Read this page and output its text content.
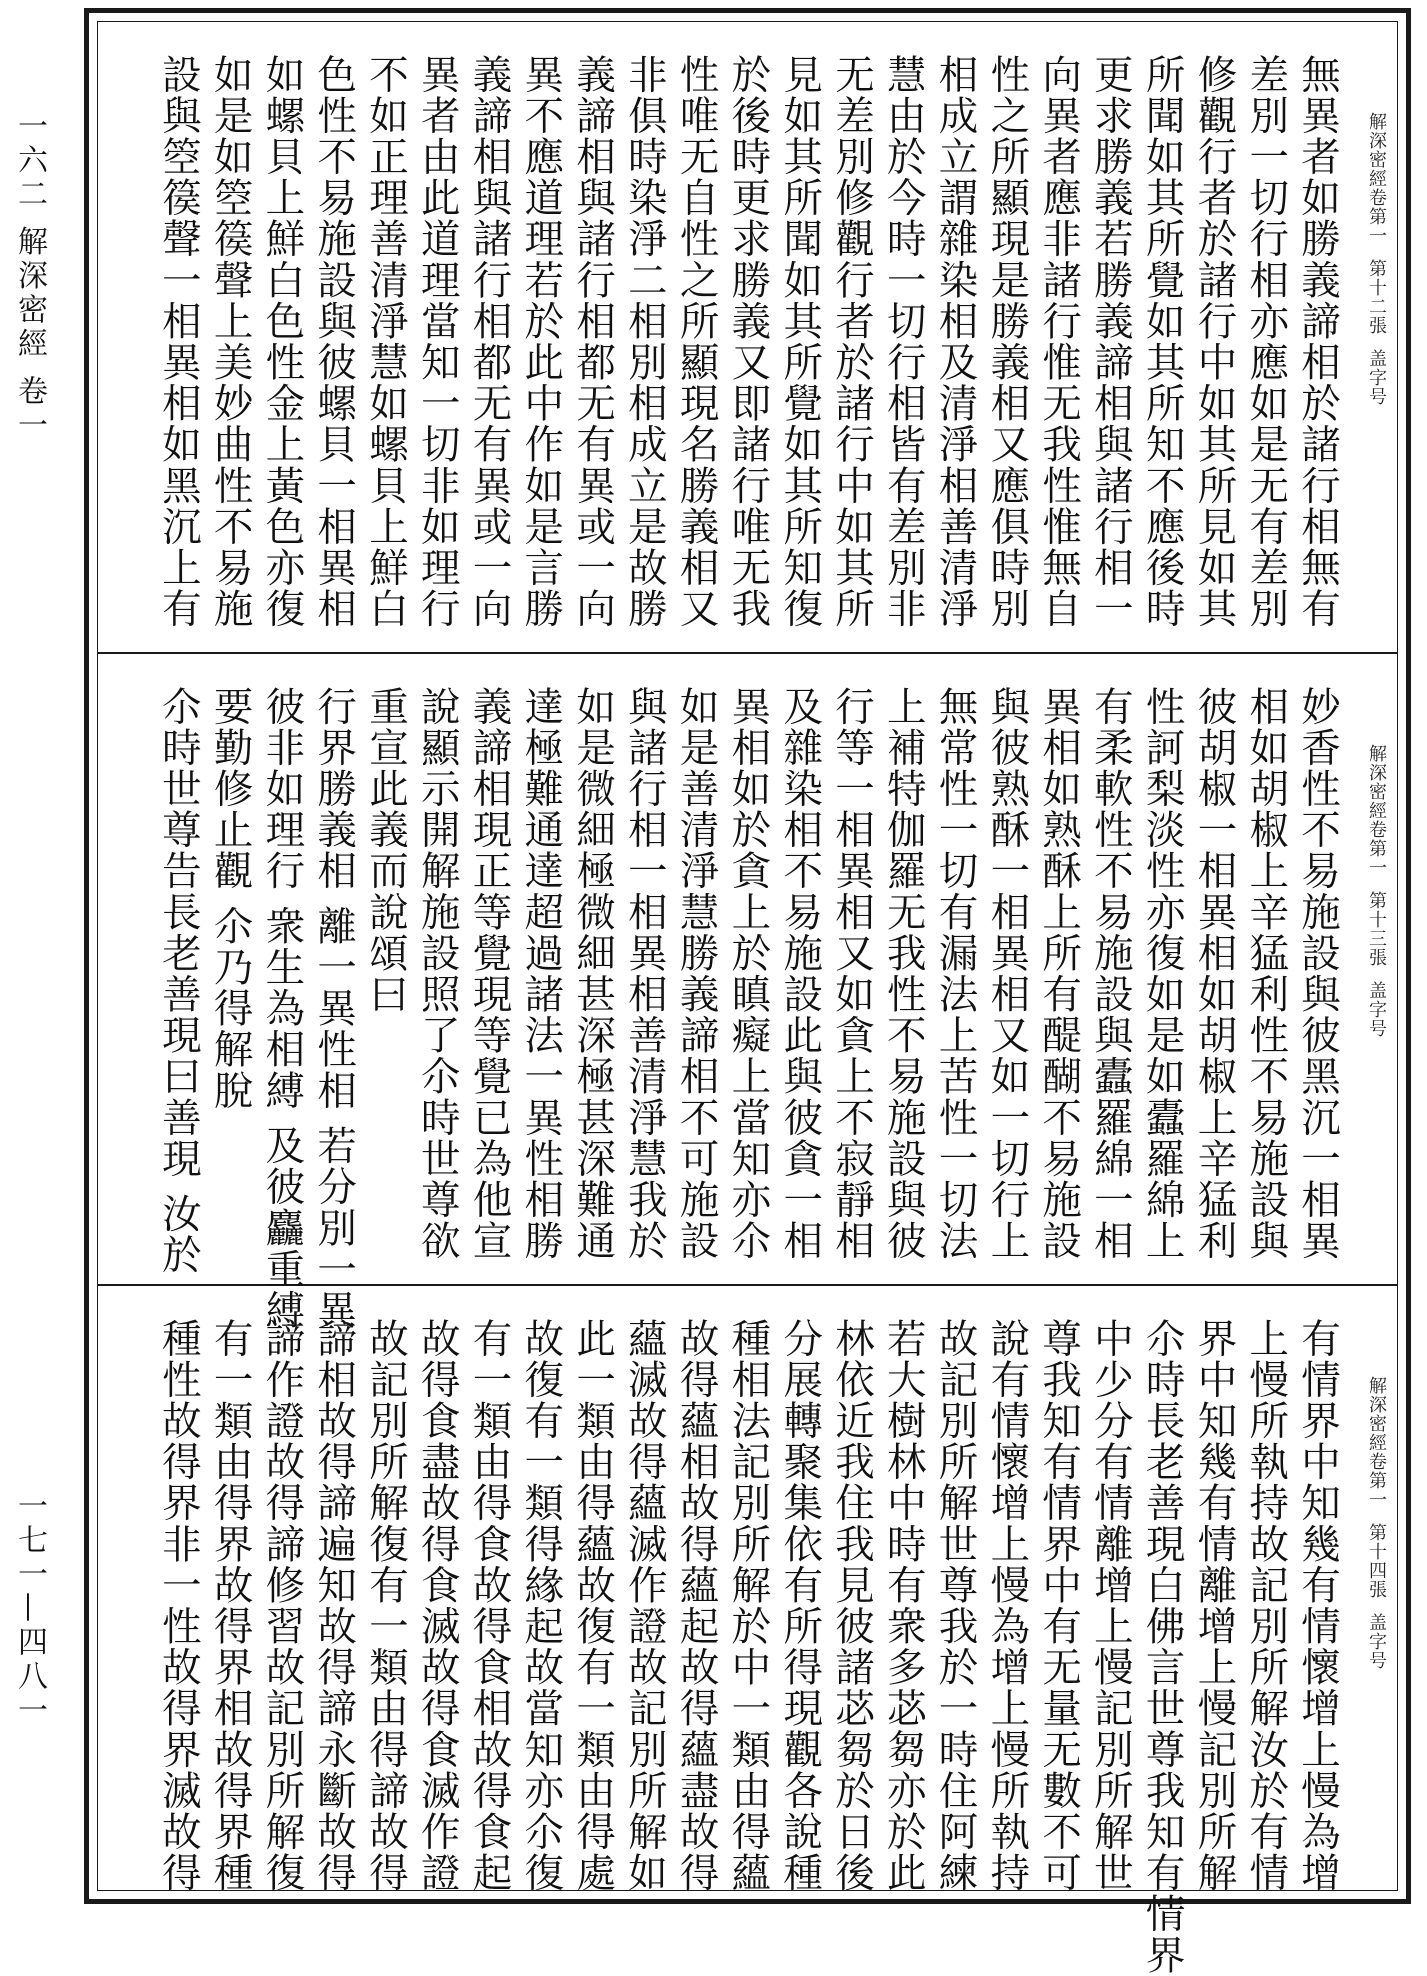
一六二 解深密經 卷一
一七一—四八一
解深密經卷第一第十二張盖字号
無異者如勝義諦相於諸行相無有
差別一切行相亦應如是无有差別
修觀行者於諸行中如其所見如其
所聞如其所覺如其所知不應後時
更求勝義若勝義諦相與諸行相一
向異者應非諸行惟无我性惟無自
性之所顯現是勝義相又應俱時別
相成立謂雜染相及清淨相善清淨
慧由於今時一切行相皆有差別非
无差別修觀行者於諸行中如其所
見如其所聞如其所覺如其所知復
於後時更求勝義又即諸行唯无我
性唯无自性之所顯現名勝義相又
非俱時染淨二相別相成立是故勝
義諦相與諸行相都无有異或一向
異不應道理若於此中作如是言勝
義諦相與諸行相都无有異或一向
異者由此道理當知一切非如理行
不如正理善清淨慧如螺貝上鮮白
色性不易施設與彼螺貝一相異相
如螺貝上鮮白色性金上黃色亦復
如是如箜篌聲上美妙曲性不易施
設與箜篌聲一相異相如黑沉上有
解深密經卷第一第十三張盖字号
妙香性不易施設與彼黑沉一相異
相如胡椒上辛猛利性不易施設與
彼胡椒一相異相如胡椒上辛猛利
性訶梨淡性亦復如是如蠹羅綿上
有柔軟性不易施設與蠹羅綿一相
異相如熟酥上所有醍醐不易施設
與彼熟酥一相異相又如一切行上
無常性一切有漏法上苦性一切法
上補特伽羅无我性不易施設與彼
行等一相異相又如貪上不寂靜相
及雜染相不易施設此與彼貪一相
異相如於貪上於瞋癡上當知亦尒
如是善清淨慧勝義諦相不可施設
與諸行相一相異相善清淨慧我於
如是微細極微細甚深極甚深難通
達極難通達超過諸法一異性相勝
義諦相現正等覺現等覺已為他宣
說顯示開解施設照了尒時世尊欲
重宣此義而說頌曰
行界勝義相 離一異性相 若分別一異
彼非如理行 衆生為相縛 及彼麤重縛
要勤修止觀 尒乃得解脫
尒時世尊告長老善現曰善現 汝於
解深密經卷第一第十四張盖字号
有情界中知幾有情懷增上慢為增
上慢所執持故記別所解汝於有情
界中知幾有情離增上慢記別所解
尒時長老善現白佛言世尊我知有情界
中少分有情離增上慢記別所解世
尊我知有情界中有无量无數不可
說有情懷增上慢為增上慢所執持
故記別所解世尊我於一時住阿練
若大樹林中時有衆多苾芻亦於此
林依近我住我見彼諸苾芻於日後
分展轉聚集依有所得現觀各說種
種相法記別所解於中一類由得蘊
故得蘊相故得蘊起故得蘊盡故得
蘊滅故得蘊滅作證故記別所解如
此一類由得蘊故復有一類由得處
故復有一類得緣起故當知亦尒復
有一類由得食故得食相故得食起
故得食盡故得食滅故得食滅作證
故記別所解復有一類由得諦故得
諦相故得諦遍知故得諦永斷故得
諦作證故得諦修習故記別所解復
有一類由得界故得界相故得界種
種性故得界非一性故得界滅故得
